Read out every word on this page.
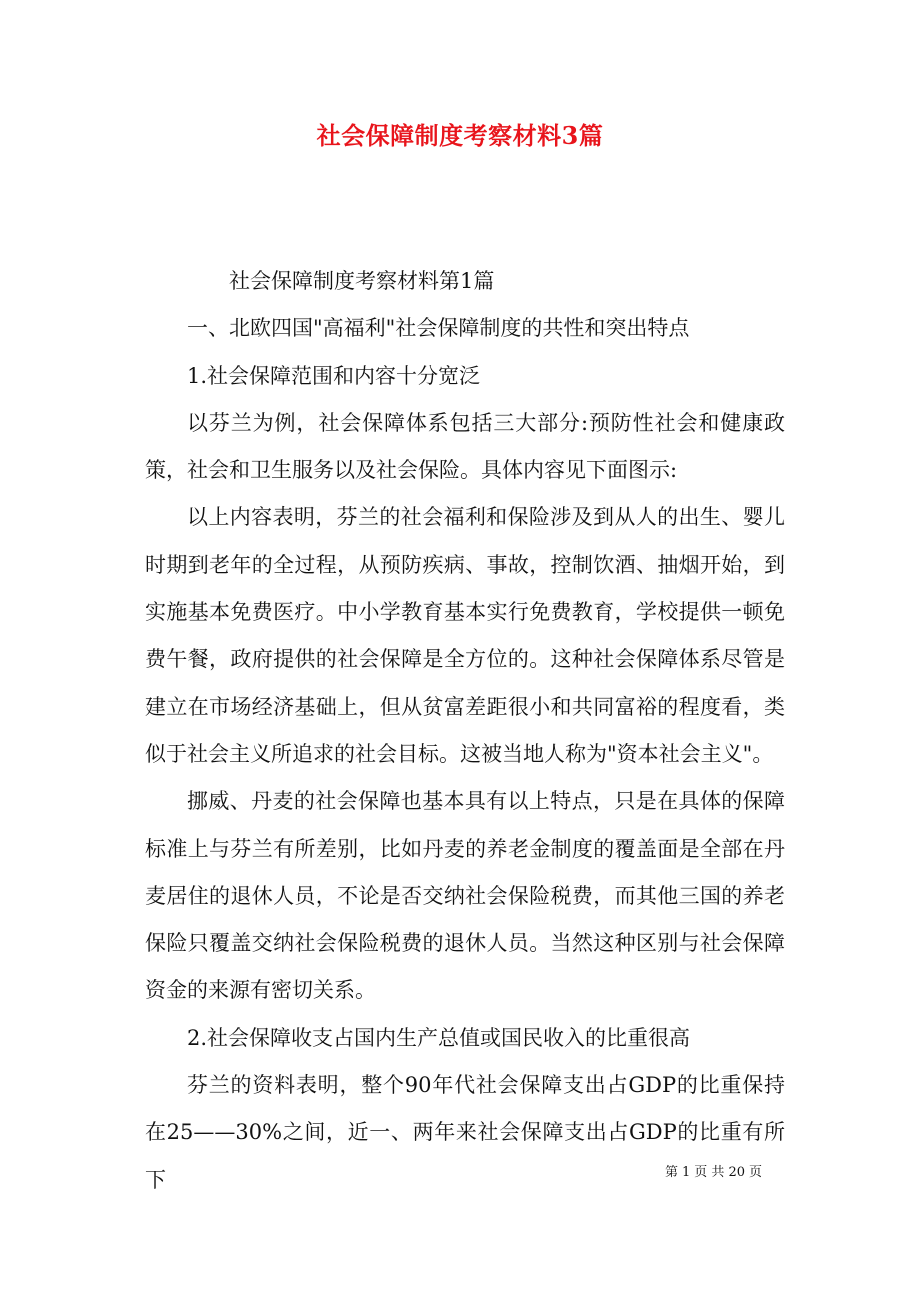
社会保障制度考察材料3篇

社会保障制度考察材料第1篇

一、北欧四国"高福利"社会保障制度的共性和突出特点

1.社会保障范围和内容十分宽泛

以芬兰为例，社会保障体系包括三大部分:预防性社会和健康政策，社会和卫生服务以及社会保险。具体内容见下面图示:

以上内容表明，芬兰的社会福利和保险涉及到从人的出生、婴儿时期到老年的全过程，从预防疾病、事故，控制饮酒、抽烟开始，到实施基本免费医疗。中小学教育基本实行免费教育，学校提供一顿免费午餐，政府提供的社会保障是全方位的。这种社会保障体系尽管是建立在市场经济基础上，但从贫富差距很小和共同富裕的程度看，类似于社会主义所追求的社会目标。这被当地人称为"资本社会主义"。

挪威、丹麦的社会保障也基本具有以上特点，只是在具体的保障标准上与芬兰有所差别，比如丹麦的养老金制度的覆盖面是全部在丹麦居住的退休人员，不论是否交纳社会保险税费，而其他三国的养老保险只覆盖交纳社会保险税费的退休人员。当然这种区别与社会保障资金的来源有密切关系。

2.社会保障收支占国内生产总值或国民收入的比重很高

芬兰的资料表明，整个90年代社会保障支出占GDP的比重保持在25——30%之间，近一、两年来社会保障支出占GDP的比重有所下	第 1 页 共 20 页
